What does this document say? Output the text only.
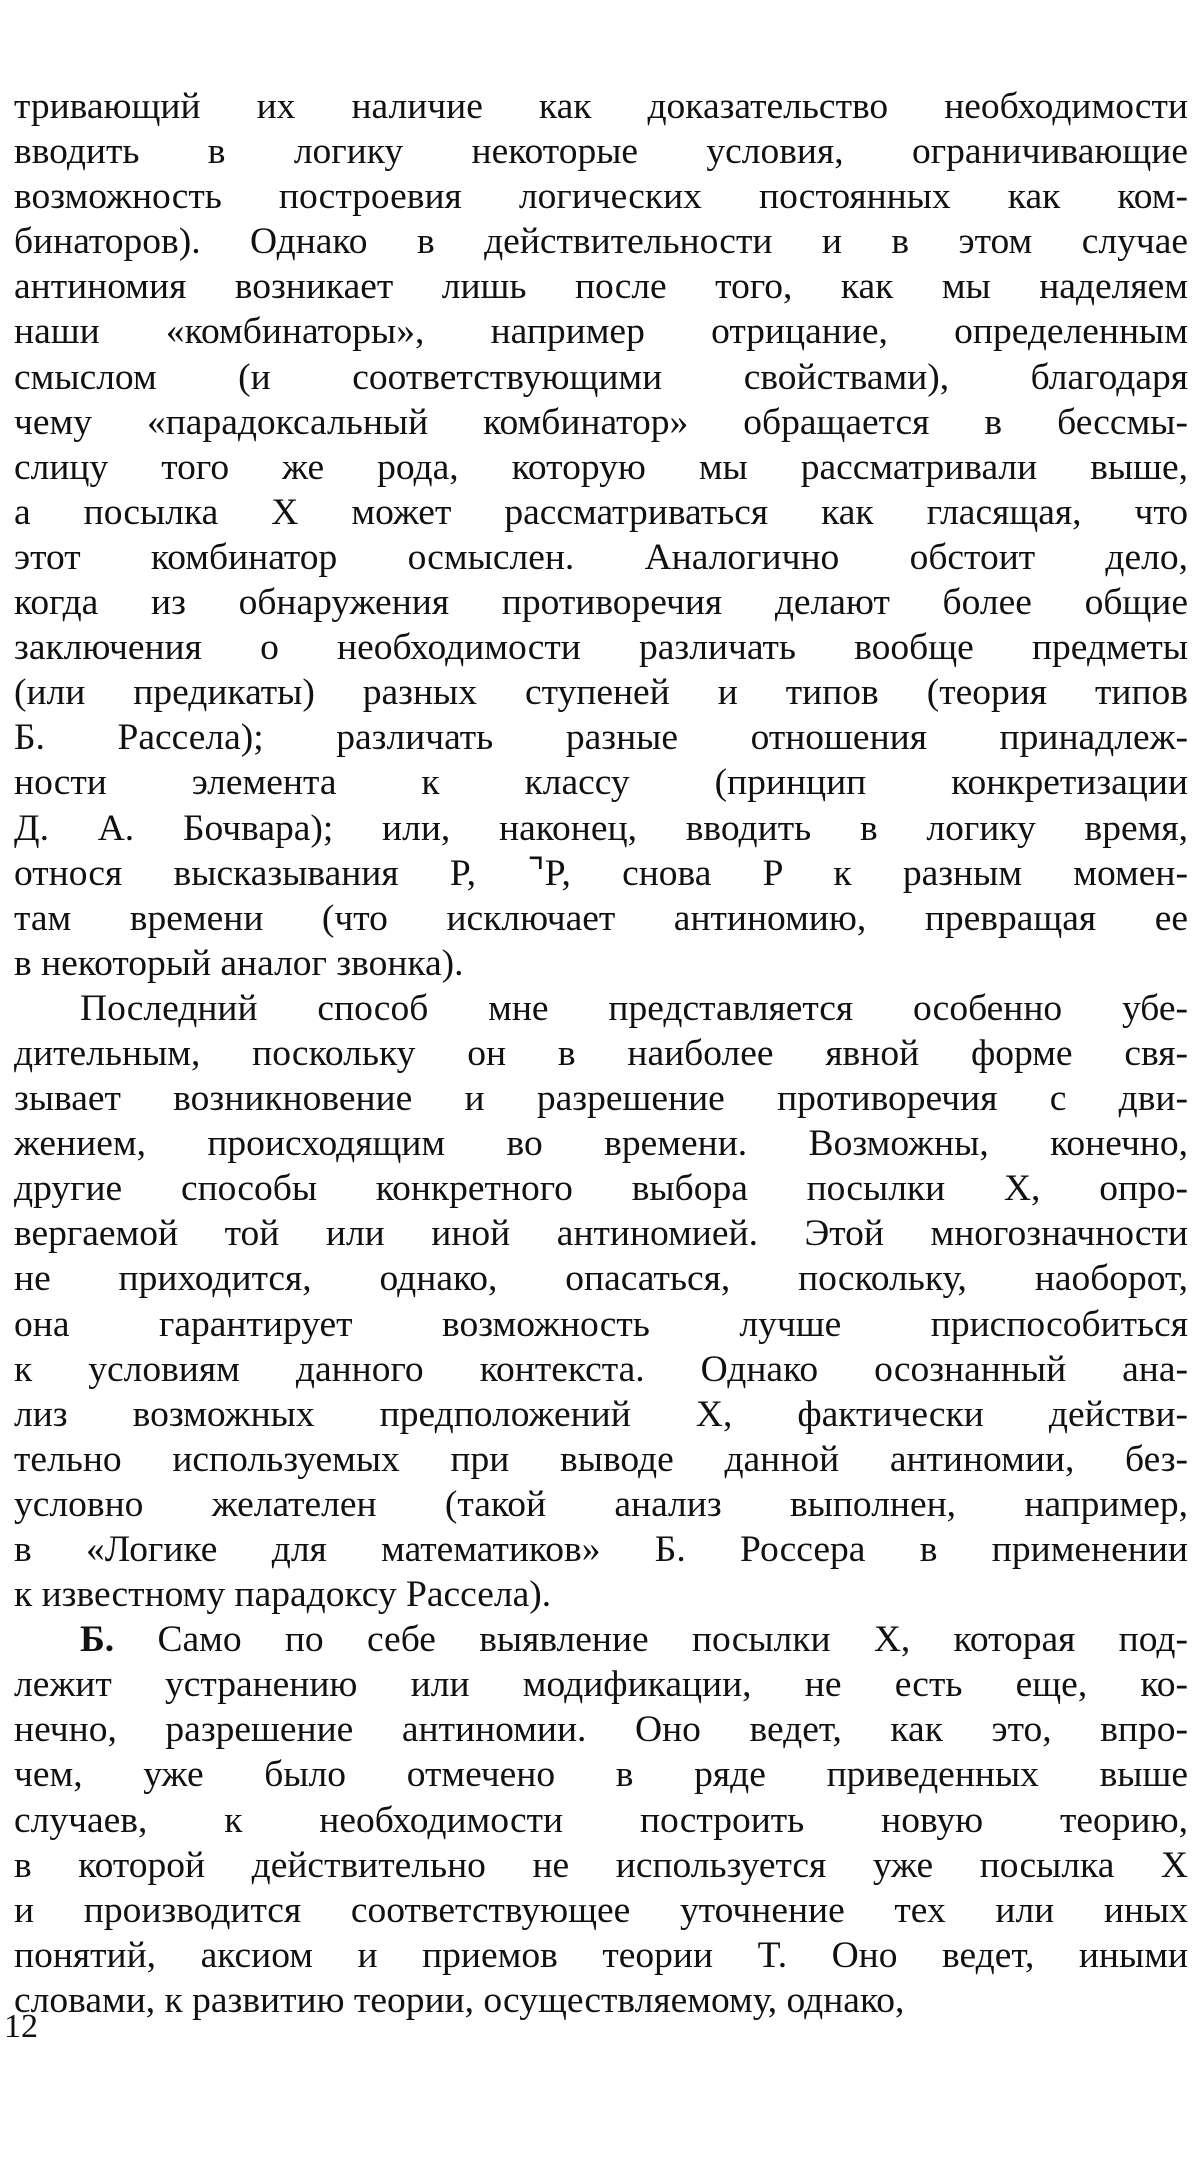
тривающий их наличие как доказательство необходимости
вводить в логику некоторые условия, ограничивающие
возможность построевия логических постоянных как ком-
бинаторов). Однако в действительности и в этом случае
антиномия возникает лишь после того, как мы наделяем
наши «комбинаторы», например отрицание, определенным
смыслом (и соответствующими свойствами), благодаря
чему «парадоксальный комбинатор» обращается в бессмы-
слицу того же рода, которую мы рассматривали выше,
а посылка X может рассматриваться как гласящая, что
этот комбинатор осмыслен. Аналогично обстоит дело,
когда из обнаружения противоречия делают более общие
заключения о необходимости различать вообще предметы
(или предикаты) разных ступеней и типов (теория типов
Б. Рассела); различать разные отношения принадлеж-
ности элемента к классу (принцип конкретизации
Д. А. Бочвара); или, наконец, вводить в логику время,
относя высказывания P, ⌝P, снова P к разным момен-
там времени (что исключает антиномию, превращая ее
в некоторый аналог звонка).
Последний способ мне представляется особенно убе-
дительным, поскольку он в наиболее явной форме свя-
зывает возникновение и разрешение противоречия с дви-
жением, происходящим во времени. Возможны, конечно,
другие способы конкретного выбора посылки X, опро-
вергаемой той или иной антиномией. Этой многозначности
не приходится, однако, опасаться, поскольку, наоборот,
она гарантирует возможность лучше приспособиться
к условиям данного контекста. Однако осознанный ана-
лиз возможных предположений X, фактически действи-
тельно используемых при выводе данной антиномии, без-
условно желателен (такой анализ выполнен, например,
в «Логике для математиков» Б. Россера в применении
к известному парадоксу Рассела).
Б. Само по себе выявление посылки X, которая под-
лежит устранению или модификации, не есть еще, ко-
нечно, разрешение антиномии. Оно ведет, как это, впро-
чем, уже было отмечено в ряде приведенных выше
случаев, к необходимости построить новую теорию,
в которой действительно не используется уже посылка X
и производится соответствующее уточнение тех или иных
понятий, аксиом и приемов теории T. Оно ведет, иными
словами, к развитию теории, осуществляемому, однако,
12
